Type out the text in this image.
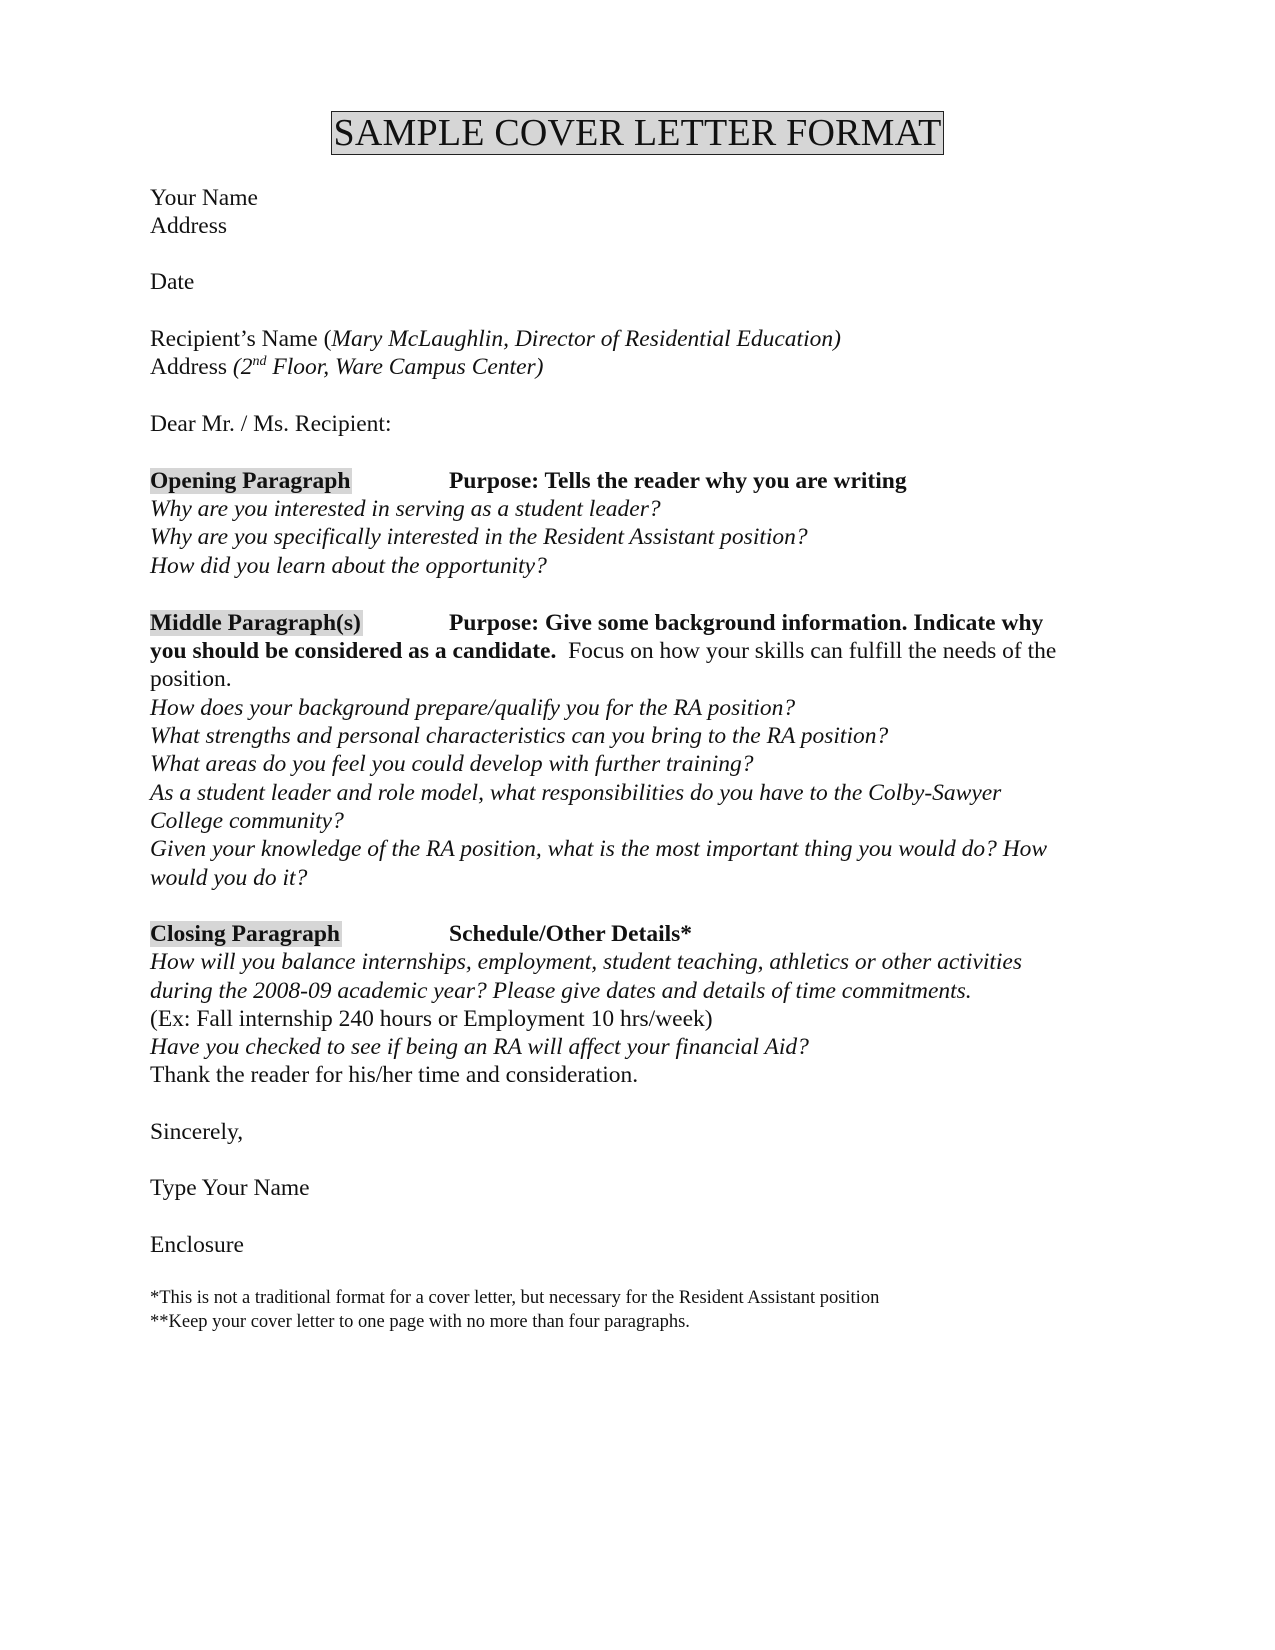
SAMPLE COVER LETTER FORMAT
Your Name
Address
Date
Recipient’s Name (Mary McLaughlin, Director of Residential Education)
Address (2nd Floor, Ware Campus Center)
Dear Mr. / Ms. Recipient:
Opening Paragraph	Purpose: Tells the reader why you are writing
Why are you interested in serving as a student leader?
Why are you specifically interested in the Resident Assistant position?
How did you learn about the opportunity?
Middle Paragraph(s)	Purpose: Give some background information. Indicate why
you should be considered as a candidate.  Focus on how your skills can fulfill the needs of the
position.
How does your background prepare/qualify you for the RA position?
What strengths and personal characteristics can you bring to the RA position?
What areas do you feel you could develop with further training?
As a student leader and role model, what responsibilities do you have to the Colby-Sawyer
College community?
Given your knowledge of the RA position, what is the most important thing you would do? How
would you do it?
Closing Paragraph	Schedule/Other Details*
How will you balance internships, employment, student teaching, athletics or other activities
during the 2008-09 academic year? Please give dates and details of time commitments.
(Ex: Fall internship 240 hours or Employment 10 hrs/week)
Have you checked to see if being an RA will affect your financial Aid?
Thank the reader for his/her time and consideration.
Sincerely,
Type Your Name
Enclosure
*This is not a traditional format for a cover letter, but necessary for the Resident Assistant position
**Keep your cover letter to one page with no more than four paragraphs.
